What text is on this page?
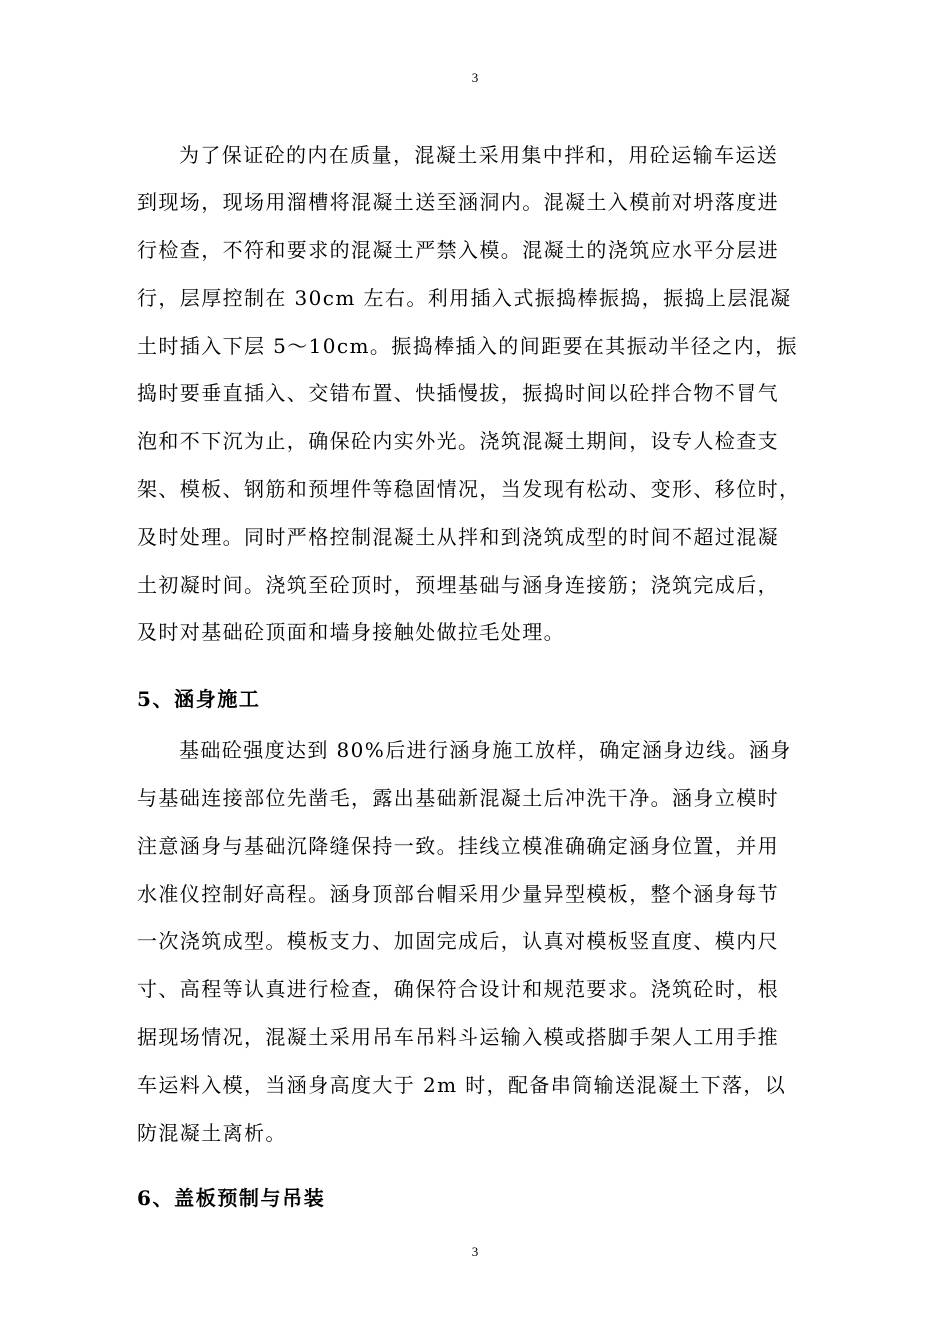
3
为了保证砼的内在质量，混凝土采用集中拌和，用砼运输车运送
到现场，现场用溜槽将混凝土送至涵洞内。混凝土入模前对坍落度进
行检查，不符和要求的混凝土严禁入模。混凝土的浇筑应水平分层进
行，层厚控制在 30cm 左右。利用插入式振捣棒振捣，振捣上层混凝
土时插入下层 5～10cm。振捣棒插入的间距要在其振动半径之内，振
捣时要垂直插入、交错布置、快插慢拔，振捣时间以砼拌合物不冒气
泡和不下沉为止，确保砼内实外光。浇筑混凝土期间，设专人检查支
架、模板、钢筋和预埋件等稳固情况，当发现有松动、变形、移位时，
及时处理。同时严格控制混凝土从拌和到浇筑成型的时间不超过混凝
土初凝时间。浇筑至砼顶时，预埋基础与涵身连接筋；浇筑完成后，
及时对基础砼顶面和墙身接触处做拉毛处理。
5、涵身施工
基础砼强度达到 80%后进行涵身施工放样，确定涵身边线。涵身
与基础连接部位先凿毛，露出基础新混凝土后冲洗干净。涵身立模时
注意涵身与基础沉降缝保持一致。挂线立模准确确定涵身位置，并用
水准仪控制好高程。涵身顶部台帽采用少量异型模板，整个涵身每节
一次浇筑成型。模板支力、加固完成后，认真对模板竖直度、模内尺
寸、高程等认真进行检查，确保符合设计和规范要求。浇筑砼时，根
据现场情况，混凝土采用吊车吊料斗运输入模或搭脚手架人工用手推
车运料入模，当涵身高度大于 2m 时，配备串筒输送混凝土下落，以
防混凝土离析。
6、盖板预制与吊装
3
